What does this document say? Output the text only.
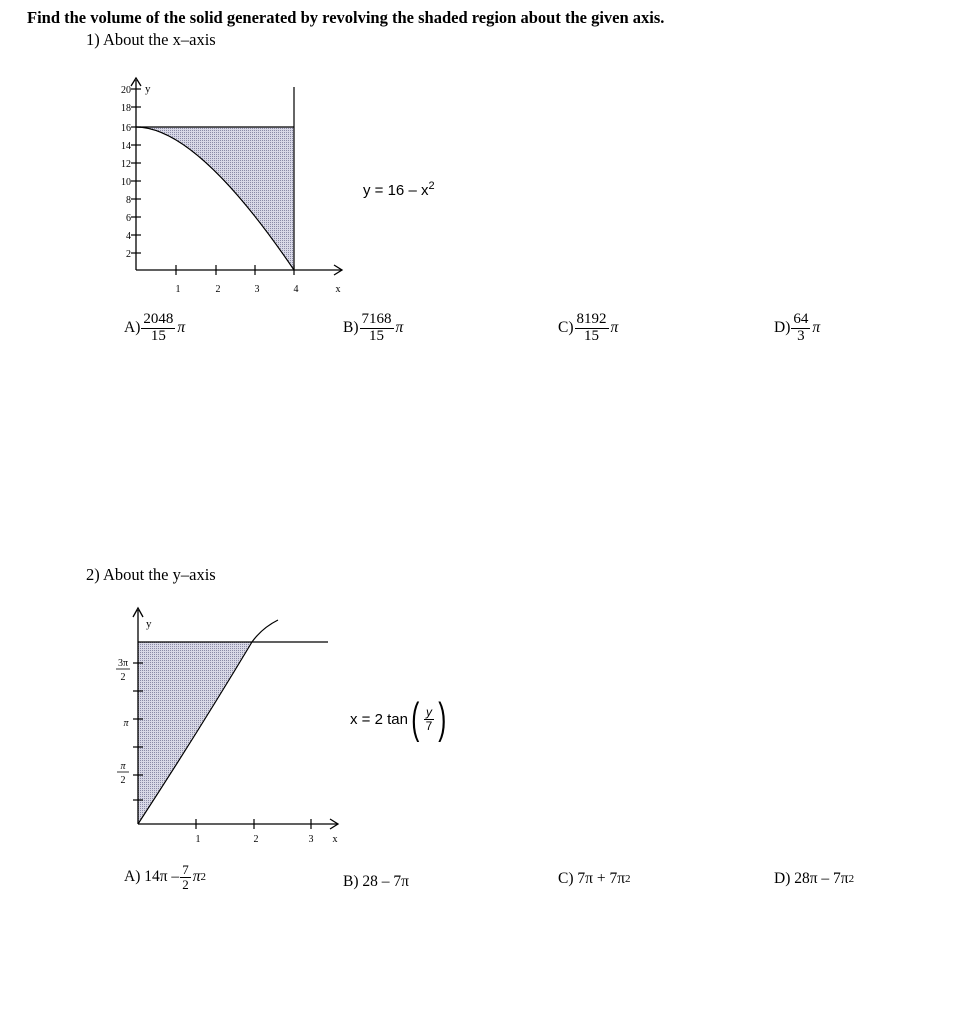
Find the volume of the solid generated by revolving the shaded region about the given axis.
1) About the x–axis
20
18
16
14
12
10
8
6
4
2
1	2	3	4	x
y
$y = 16 - x^2$
$A) \frac{2048}{15}$ π	$B) \frac{7168}{15}$ π	$C) \frac{8192}{15}$ π	$D) \frac{64}{3}$ π
2) About the y–axis
3π
2
π
π
2
1	2	3 x
y
x = 2 tan ( $\frac{y}{7}$ )
A)
$14\pi - \frac{7}{2}$ π 2	B)
28 – 7π	C)
7π + 7π 2	D)
28π – 7π 2
